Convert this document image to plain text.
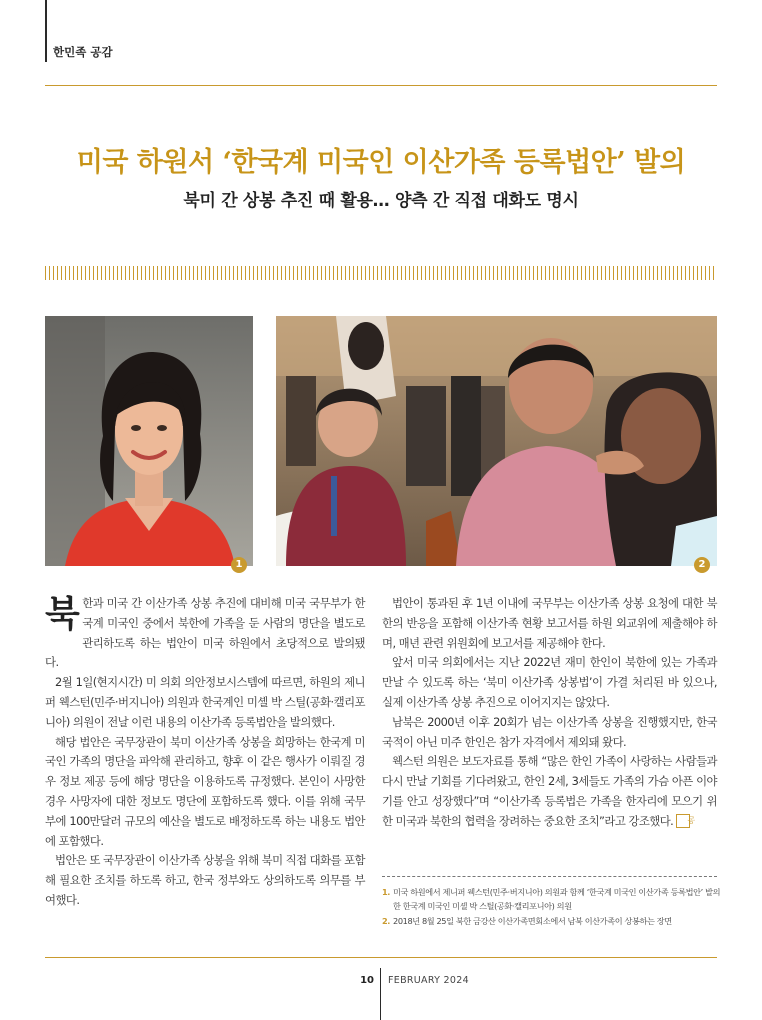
한민족 공감
미국 하원서 ‘한국계 미국인 이산가족 등록법안’ 발의
북미 간 상봉 추진 때 활용… 양측 간 직접 대화도 명시
1	2

북한과 미국 간 이산가족 상봉 추진에 대비해 미국 국무부가 한국계 미국인 중에서 북한에 가족을 둔 사람의 명단을 별도로 관리하도록 하는 법안이 미국 하원에서 초당적으로 발의됐다.

2월 1일(현지시간) 미 의회 의안정보시스템에 따르면, 하원의 제니퍼 웩스턴(민주·버지니아) 의원과 한국계인 미셸 박 스틸(공화·캘리포니아) 의원이 전날 이런 내용의 이산가족 등록법안을 발의했다.

해당 법안은 국무장관이 북미 이산가족 상봉을 희망하는 한국계 미국인 가족의 명단을 파악해 관리하고, 향후 이 같은 행사가 이뤄질 경우 정보 제공 등에 해당 명단을 이용하도록 규정했다. 본인이 사망한 경우 사망자에 대한 정보도 명단에 포함하도록 했다. 이를 위해 국무부에 100만달러 규모의 예산을 별도로 배정하도록 하는 내용도 법안에 포함했다.

법안은 또 국무장관이 이산가족 상봉을 위해 북미 직접 대화를 포함해 필요한 조치를 하도록 하고, 한국 정부와도 상의하도록 의무를 부여했다.

법안이 통과된 후 1년 이내에 국무부는 이산가족 상봉 요청에 대한 북한의 반응을 포함해 이산가족 현황 보고서를 하원 외교위에 제출해야 하며, 매년 관련 위원회에 보고서를 제공해야 한다.

앞서 미국 의회에서는 지난 2022년 재미 한인이 북한에 있는 가족과 만날 수 있도록 하는 ‘북미 이산가족 상봉법’이 가결 처리된 바 있으나, 실제 이산가족 상봉 추진으로 이어지지는 않았다.

남북은 2000년 이후 20회가 넘는 이산가족 상봉을 진행했지만, 한국 국적이 아닌 미주 한인은 참가 자격에서 제외돼 왔다.

웩스턴 의원은 보도자료를 통해 “많은 한인 가족이 사랑하는 사람들과 다시 만날 기회를 기다려왔고, 한인 2세, 3세들도 가족의 가슴 아픈 이야기를 안고 성장했다”며 “이산가족 등록법은 가족을 한자리에 모으기 위한 미국과 북한의 협력을 장려하는 중요한 조치”라고 강조했다. 공

1. 미국 하원에서 제니퍼 웩스턴(민주·버지니아) 의원과 함께 ‘한국계 미국인 이산가족 등록법안’ 발의한 한국계 미국인 미셸 박 스틸(공화·캘리포니아) 의원

2. 2018년 8월 25일 북한 금강산 이산가족면회소에서 남북 이산가족이 상봉하는 장면

10 FEBRUARY 2024
